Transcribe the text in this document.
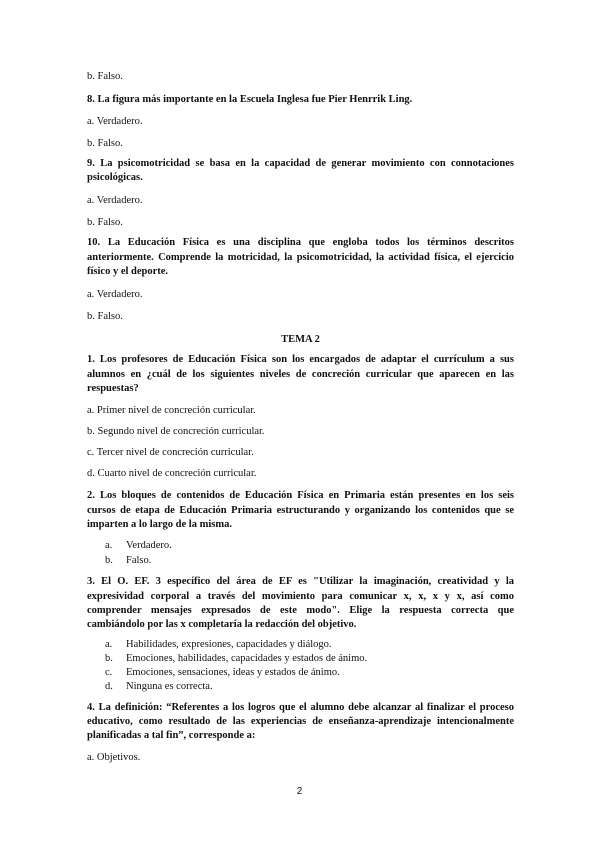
b. Falso.
8. La figura más importante en la Escuela Inglesa fue Pier Henrrik Ling.
a. Verdadero.
b. Falso.
9. La psicomotricidad se basa en la capacidad de generar movimiento con connotaciones
psicológicas.
a. Verdadero.
b. Falso.
10. La Educación Física es una disciplina que engloba todos los términos descritos
anteriormente. Comprende la motricidad, la psicomotricidad, la actividad física, el ejercicio
físico y el deporte.
a. Verdadero.
b. Falso.
TEMA 2
1. Los profesores de Educación Física son los encargados de adaptar el currículum a sus
alumnos en ¿cuál de los siguientes niveles de concreción curricular que aparecen en las
respuestas?
a. Primer nivel de concreción curricular.
b. Segundo nivel de concreción curricular.
c. Tercer nivel de concreción curricular.
d. Cuarto nivel de concreción curricular.
2. Los bloques de contenidos de Educación Física en Primaria están presentes en los seis
cursos de etapa de Educación Primaria estructurando y organizando los contenidos que se
imparten a lo largo de la misma.
a. Verdadero.
b. Falso.
3. El O. EF. 3 específico del área de EF es "Utilizar la imaginación, creatividad y la
expresividad corporal a través del movimiento para comunicar x, x, x y x, así como
comprender mensajes expresados de este modo". Elige la respuesta correcta que
cambiándolo por las x completaría la redacción del objetivo.
a. Habilidades, expresiones, capacidades y diálogo.
b. Emociones, habilidades, capacidades y estados de ánimo.
c. Emociones, sensaciones, ideas y estados de ánimo.
d. Ninguna es correcta.
4. La definición: “Referentes a los logros que el alumno debe alcanzar al finalizar el proceso
educativo, como resultado de las experiencias de enseñanza-aprendizaje intencionalmente
planificadas a tal fin”, corresponde a:
a. Objetivos.
2
